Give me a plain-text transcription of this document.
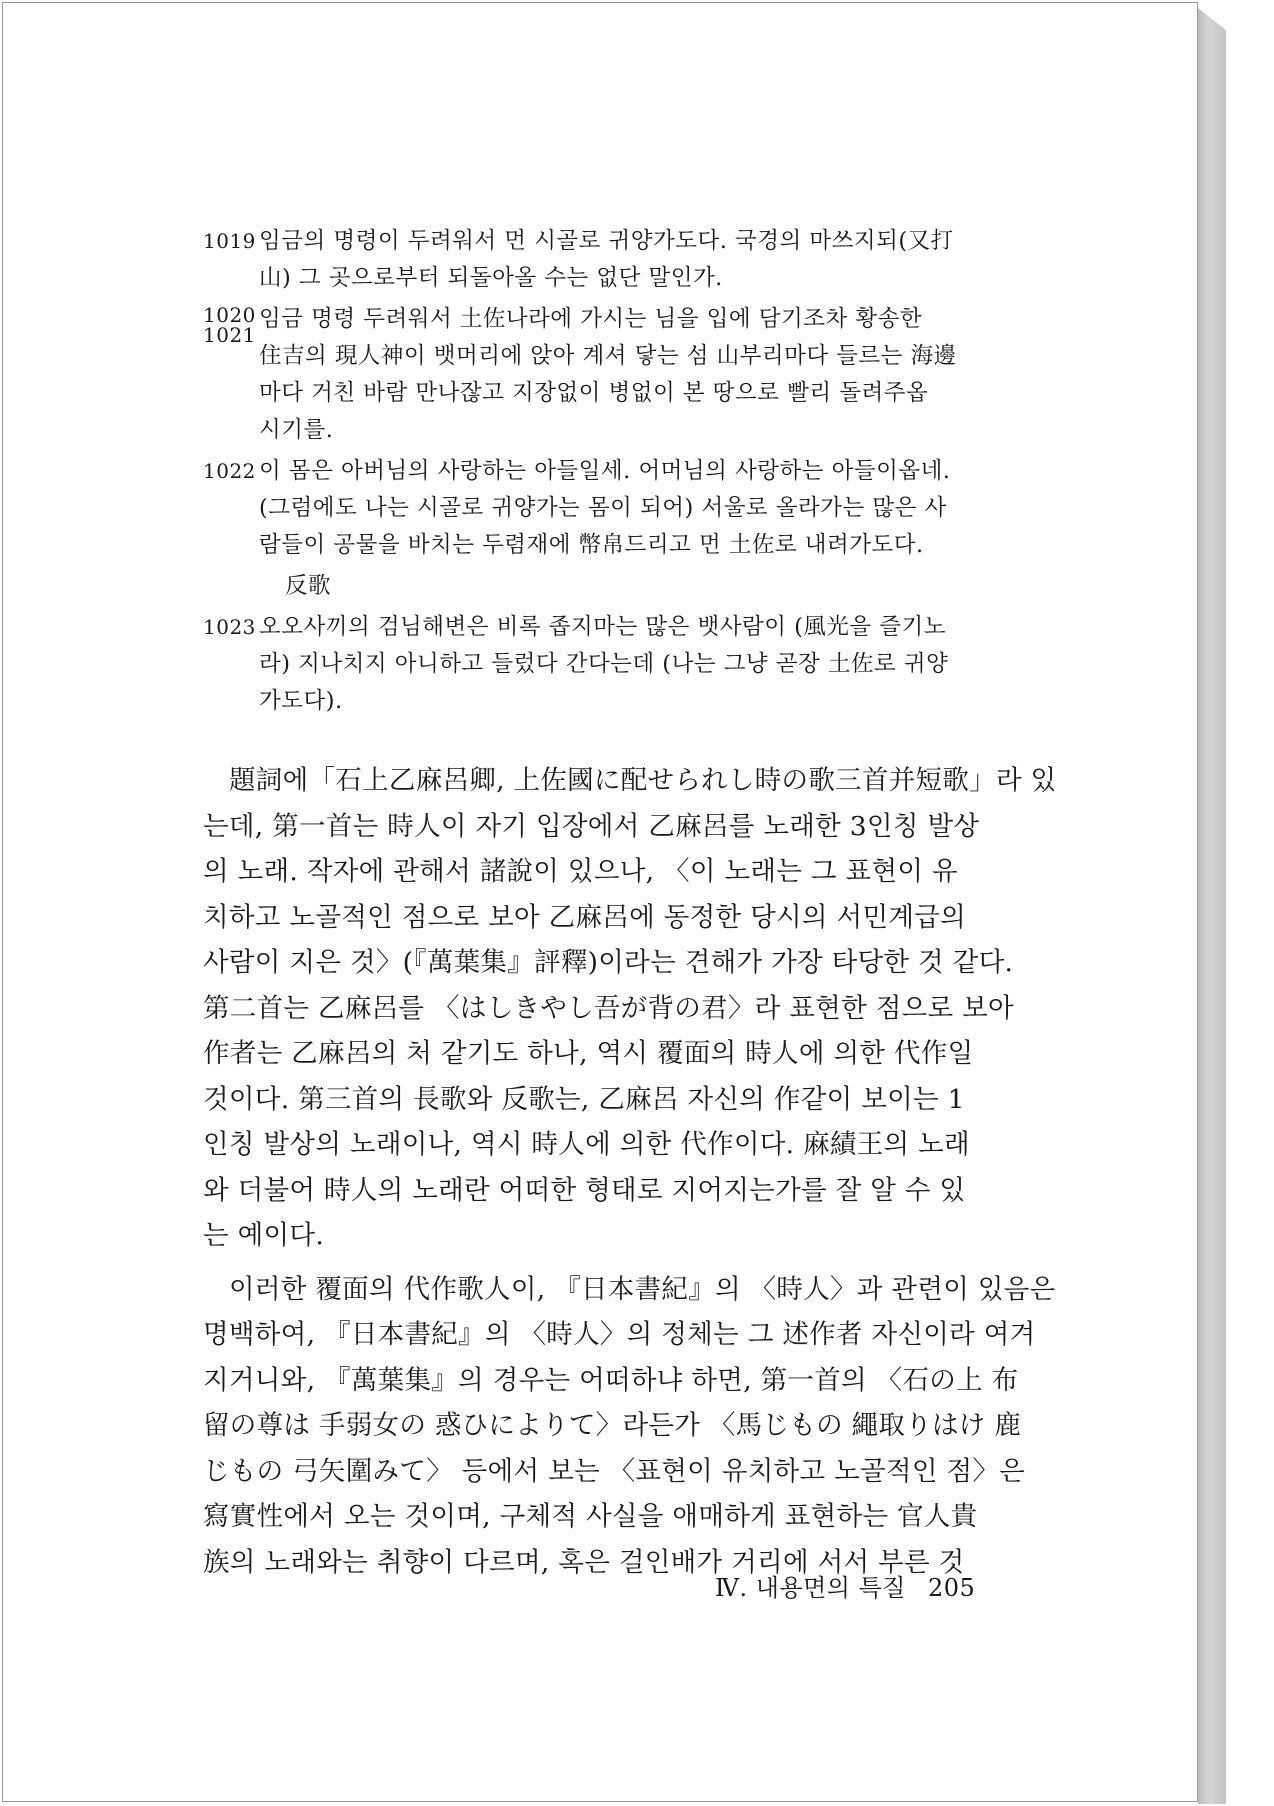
1019 임금의 명령이 두려워서 먼 시골로 귀양가도다. 국경의 마쓰지되(又打
山) 그 곳으로부터 되돌아올 수는 없단 말인가.
1020
1021
임금 명령 두려워서 土佐나라에 가시는 님을 입에 담기조차 황송한
住吉의 現人神이 뱃머리에 앉아 계셔 닿는 섬 山부리마다 들르는 海邊
마다 거친 바람 만나잖고 지장없이 병없이 본 땅으로 빨리 돌려주옵
시기를.
1022 이 몸은 아버님의 사랑하는 아들일세. 어머님의 사랑하는 아들이옵네.
(그럼에도 나는 시골로 귀양가는 몸이 되어) 서울로 올라가는 많은 사
람들이 공물을 바치는 두렴재에 幣帛드리고 먼 土佐로 내려가도다.
反歌
1023 오오사끼의 검님해변은 비록 좁지마는 많은 뱃사람이 (風光을 즐기노
라) 지나치지 아니하고 들렀다 간다는데 (나는 그냥 곧장 土佐로 귀양
가도다).
題詞에「石上乙麻呂卿, 上佐國に配せられし時の歌三首并短歌」라 있
는데, 第一首는 時人이 자기 입장에서 乙麻呂를 노래한 3인칭 발상
의 노래. 작자에 관해서 諸說이 있으나, 〈이 노래는 그 표현이 유
치하고 노골적인 점으로 보아 乙麻呂에 동정한 당시의 서민계급의
사람이 지은 것〉(『萬葉集』評釋)이라는 견해가 가장 타당한 것 같다.
第二首는 乙麻呂를 〈はしきやし吾が背の君〉라 표현한 점으로 보아
作者는 乙麻呂의 처 같기도 하나, 역시 覆面의 時人에 의한 代作일
것이다. 第三首의 長歌와 反歌는, 乙麻呂 자신의 作같이 보이는 1
인칭 발상의 노래이나, 역시 時人에 의한 代作이다. 麻績王의 노래
와 더불어 時人의 노래란 어떠한 형태로 지어지는가를 잘 알 수 있
는 예이다.
이러한 覆面의 代作歌人이, 『日本書紀』의 〈時人〉과 관련이 있음은
명백하여, 『日本書紀』의 〈時人〉의 정체는 그 述作者 자신이라 여겨
지거니와, 『萬葉集』의 경우는 어떠하냐 하면, 第一首의 〈石の上 布
留の尊は 手弱女の 惑ひによりて〉라든가 〈馬じもの 繩取りはけ 鹿
じもの 弓矢圍みて〉 등에서 보는 〈표현이 유치하고 노골적인 점〉은
寫實性에서 오는 것이며, 구체적 사실을 애매하게 표현하는 官人貴
族의 노래와는 취향이 다르며, 혹은 걸인배가 거리에 서서 부른 것
Ⅳ. 내용면의 특질 205
